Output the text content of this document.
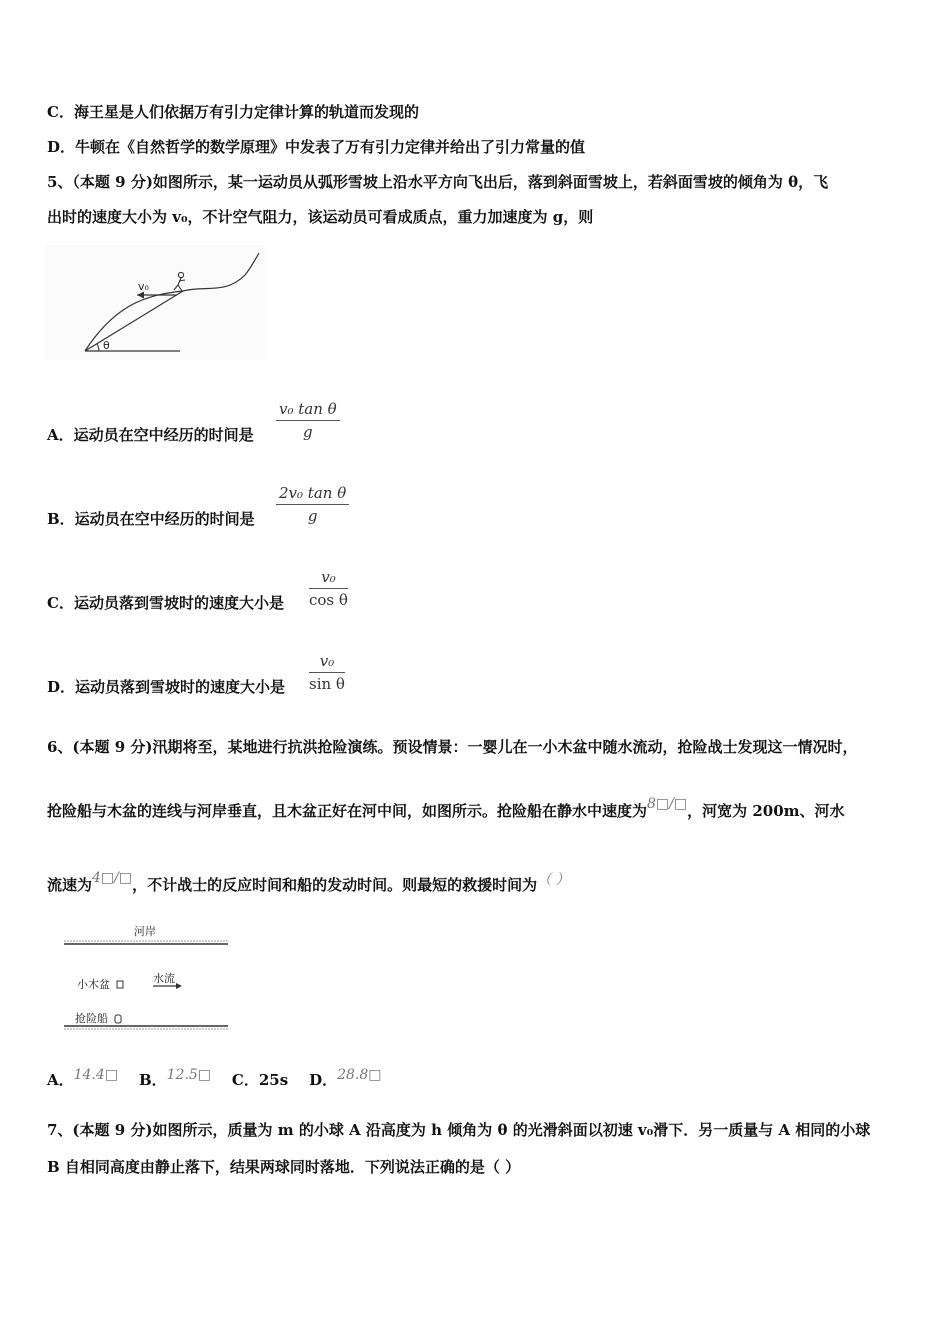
C．海王星是人们依据万有引力定律计算的轨道而发现的
D．牛顿在《自然哲学的数学原理》中发表了万有引力定律并给出了引力常量的值
5、（本题 9 分)如图所示，某一运动员从弧形雪坡上沿水平方向飞出后，落到斜面雪坡上，若斜面雪坡的倾角为 θ，飞
出时的速度大小为 v₀，不计空气阻力，该运动员可看成质点，重力加速度为 g，则
v₀
θ
A．运动员在空中经历的时间是 $\frac{\text{v₀ tan θ}}{g}$
B．运动员在空中经历的时间是 $\frac{\text{2v₀ tan θ}}{g}$
C．运动员落到雪坡时的速度大小是 $\frac{\text{v₀}}{\text{cos θ}}$
D．运动员落到雪坡时的速度大小是 $\frac{\text{v₀}}{\text{sin θ}}$
6、(本题 9 分)汛期将至，某地进行抗洪抢险演练。预设情景：一婴儿在一小木盆中随水流动，抢险战士发现这一情况时，
抢险船与木盆的连线与河岸垂直，且木盆正好在河中间，如图所示。抢险船在静水中速度为8□/□，河宽为 200m、河水
流速为4□/□，不计战士的反应时间和船的发动时间。则最短的救援时间为（ ）
河岸
小木盆	水流
抢险船
A．14.4□ B．12.5□ C．25s D．28.8□
7、(本题 9 分)如图所示，质量为 m 的小球 A 沿高度为 h 倾角为 θ 的光滑斜面以初速 v₀滑下．另一质量与 A 相同的小球
B 自相同高度由静止落下，结果两球同时落地．下列说法正确的是（ ）
